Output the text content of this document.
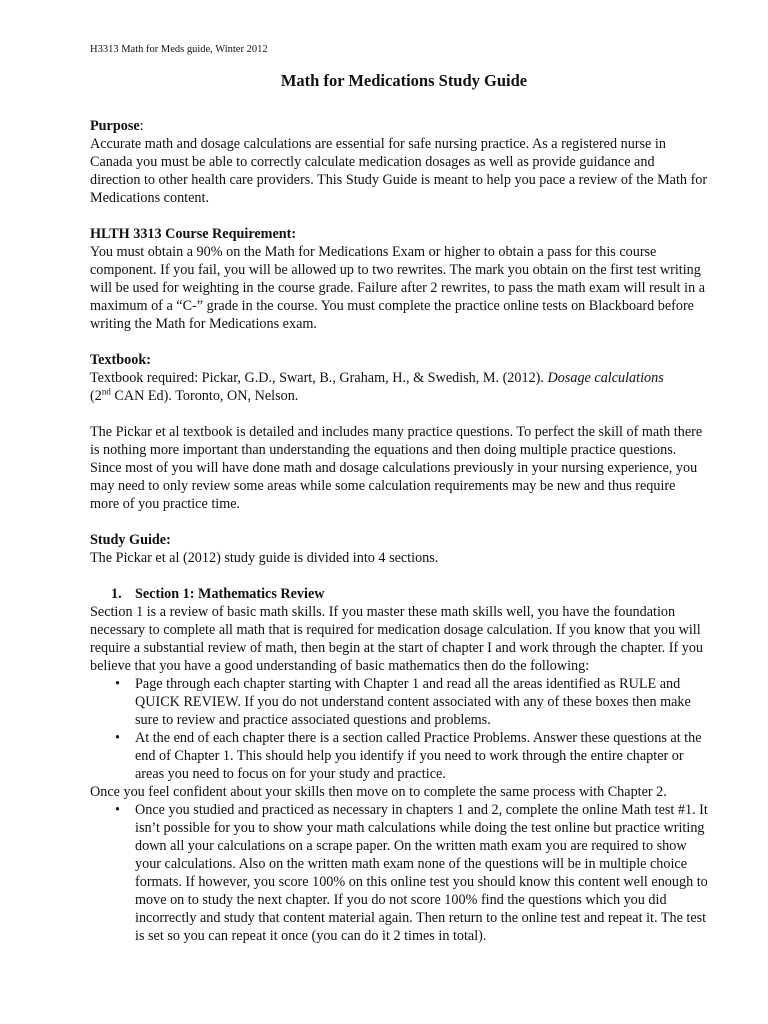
H3313 Math for Meds guide, Winter 2012
Math for Medications Study Guide

Purpose:

Accurate math and dosage calculations are essential for safe nursing practice. As a registered nurse in Canada you must be able to correctly calculate medication dosages as well as provide guidance and direction to other health care providers. This Study Guide is meant to help you pace a review of the Math for Medications content.

HLTH 3313 Course Requirement:

You must obtain a 90% on the Math for Medications Exam or higher to obtain a pass for this course component. If you fail, you will be allowed up to two rewrites. The mark you obtain on the first test writing will be used for weighting in the course grade. Failure after 2 rewrites, to pass the math exam will result in a maximum of a “C-” grade in the course. You must complete the practice online tests on Blackboard before writing the Math for Medications exam.

Textbook:

Textbook required: Pickar, G.D., Swart, B., Graham, H., & Swedish, M. (2012). Dosage calculations
(2nd CAN Ed). Toronto, ON, Nelson.

The Pickar et al textbook is detailed and includes many practice questions. To perfect the skill of math there is nothing more important than understanding the equations and then doing multiple practice questions. Since most of you will have done math and dosage calculations previously in your nursing experience, you may need to only review some areas while some calculation requirements may be new and thus require more of you practice time.

Study Guide:

The Pickar et al (2012) study guide is divided into 4 sections.

1. Section 1: Mathematics Review

Section 1 is a review of basic math skills. If you master these math skills well, you have the foundation necessary to complete all math that is required for medication dosage calculation. If you know that you will require a substantial review of math, then begin at the start of chapter I and work through the chapter. If you believe that you have a good understanding of basic mathematics then do the following:

• Page through each chapter starting with Chapter 1 and read all the areas identified as RULE and QUICK REVIEW. If you do not understand content associated with any of these boxes then make sure to review and practice associated questions and problems.
• At the end of each chapter there is a section called Practice Problems. Answer these questions at the end of Chapter 1. This should help you identify if you need to work through the entire chapter or areas you need to focus on for your study and practice.

Once you feel confident about your skills then move on to complete the same process with Chapter 2.

• Once you studied and practiced as necessary in chapters 1 and 2, complete the online Math test #1. It isn’t possible for you to show your math calculations while doing the test online but practice writing down all your calculations on a scrape paper. On the written math exam you are required to show your calculations. Also on the written math exam none of the questions will be in multiple choice formats. If however, you score 100% on this online test you should know this content well enough to move on to study the next chapter. If you do not score 100% find the questions which you did incorrectly and study that content material again. Then return to the online test and repeat it. The test is set so you can repeat it once (you can do it 2 times in total).
